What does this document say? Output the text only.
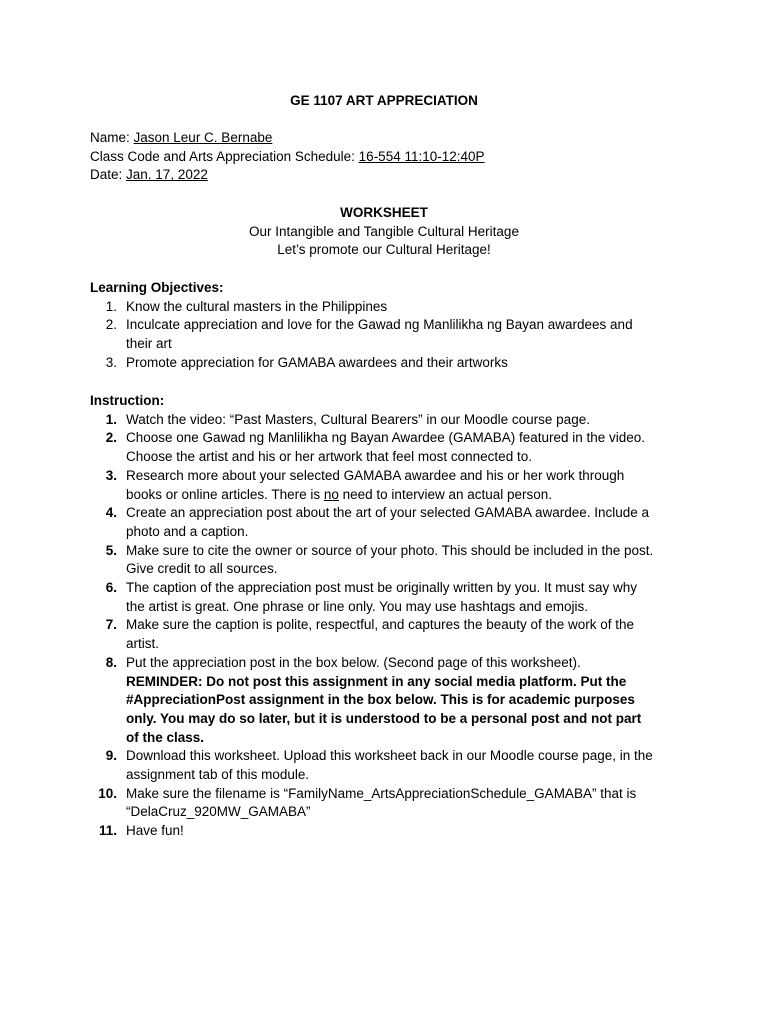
GE 1107 ART APPRECIATION
Name: Jason Leur C. Bernabe
Class Code and Arts Appreciation Schedule: 16-554 11:10-12:40P
Date: Jan. 17, 2022
WORKSHEET
Our Intangible and Tangible Cultural Heritage
Let’s promote our Cultural Heritage!
Learning Objectives:
1. Know the cultural masters in the Philippines
2. Inculcate appreciation and love for the Gawad ng Manlilikha ng Bayan awardees and
their art
3. Promote appreciation for GAMABA awardees and their artworks
Instruction:
1. Watch the video: “Past Masters, Cultural Bearers” in our Moodle course page.
2. Choose one Gawad ng Manlilikha ng Bayan Awardee (GAMABA) featured in the video.
Choose the artist and his or her artwork that feel most connected to.
3. Research more about your selected GAMABA awardee and his or her work through
books or online articles. There is no need to interview an actual person.
4. Create an appreciation post about the art of your selected GAMABA awardee. Include a
photo and a caption.
5. Make sure to cite the owner or source of your photo. This should be included in the post.
Give credit to all sources.
6. The caption of the appreciation post must be originally written by you. It must say why
the artist is great. One phrase or line only. You may use hashtags and emojis.
7. Make sure the caption is polite, respectful, and captures the beauty of the work of the
artist.
8. Put the appreciation post in the box below. (Second page of this worksheet).
REMINDER: Do not post this assignment in any social media platform. Put the
#AppreciationPost assignment in the box below. This is for academic purposes
only. You may do so later, but it is understood to be a personal post and not part
of the class.
9. Download this worksheet. Upload this worksheet back in our Moodle course page, in the
assignment tab of this module.
10. Make sure the filename is “FamilyName_ArtsAppreciationSchedule_GAMABA” that is
“DelaCruz_920MW_GAMABA”
11. Have fun!
